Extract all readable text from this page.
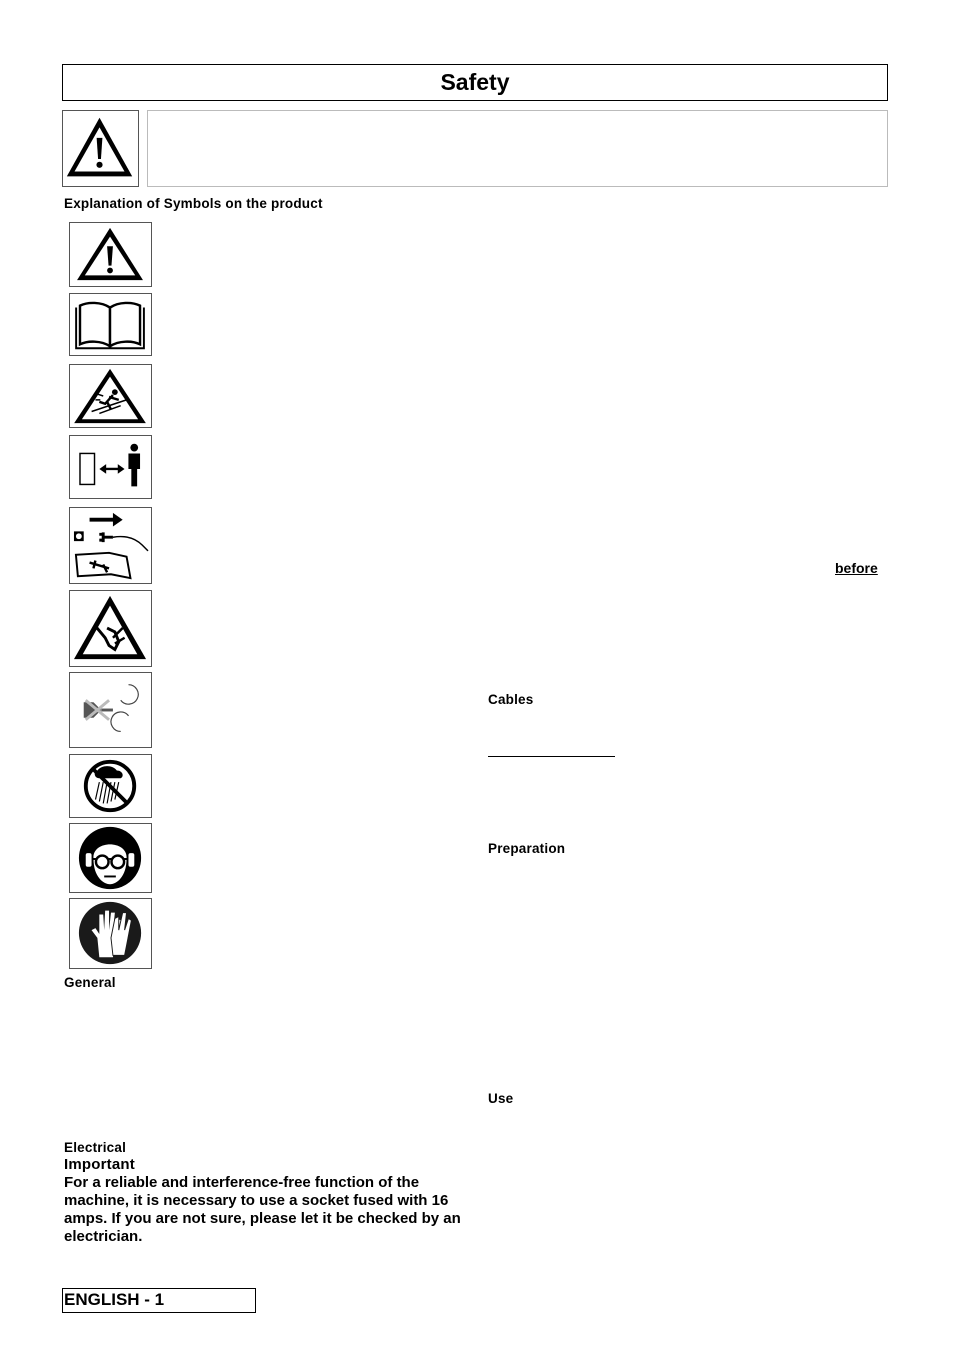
Safety
Explanation of Symbols on the product
General
Electrical
Important
For a reliable and interference-free function of the machine, it is necessary to use a socket fused with 16 amps. If you are not sure, please let it be checked by an electrician.
before
Cables
Preparation
Use
ENGLISH - 1
